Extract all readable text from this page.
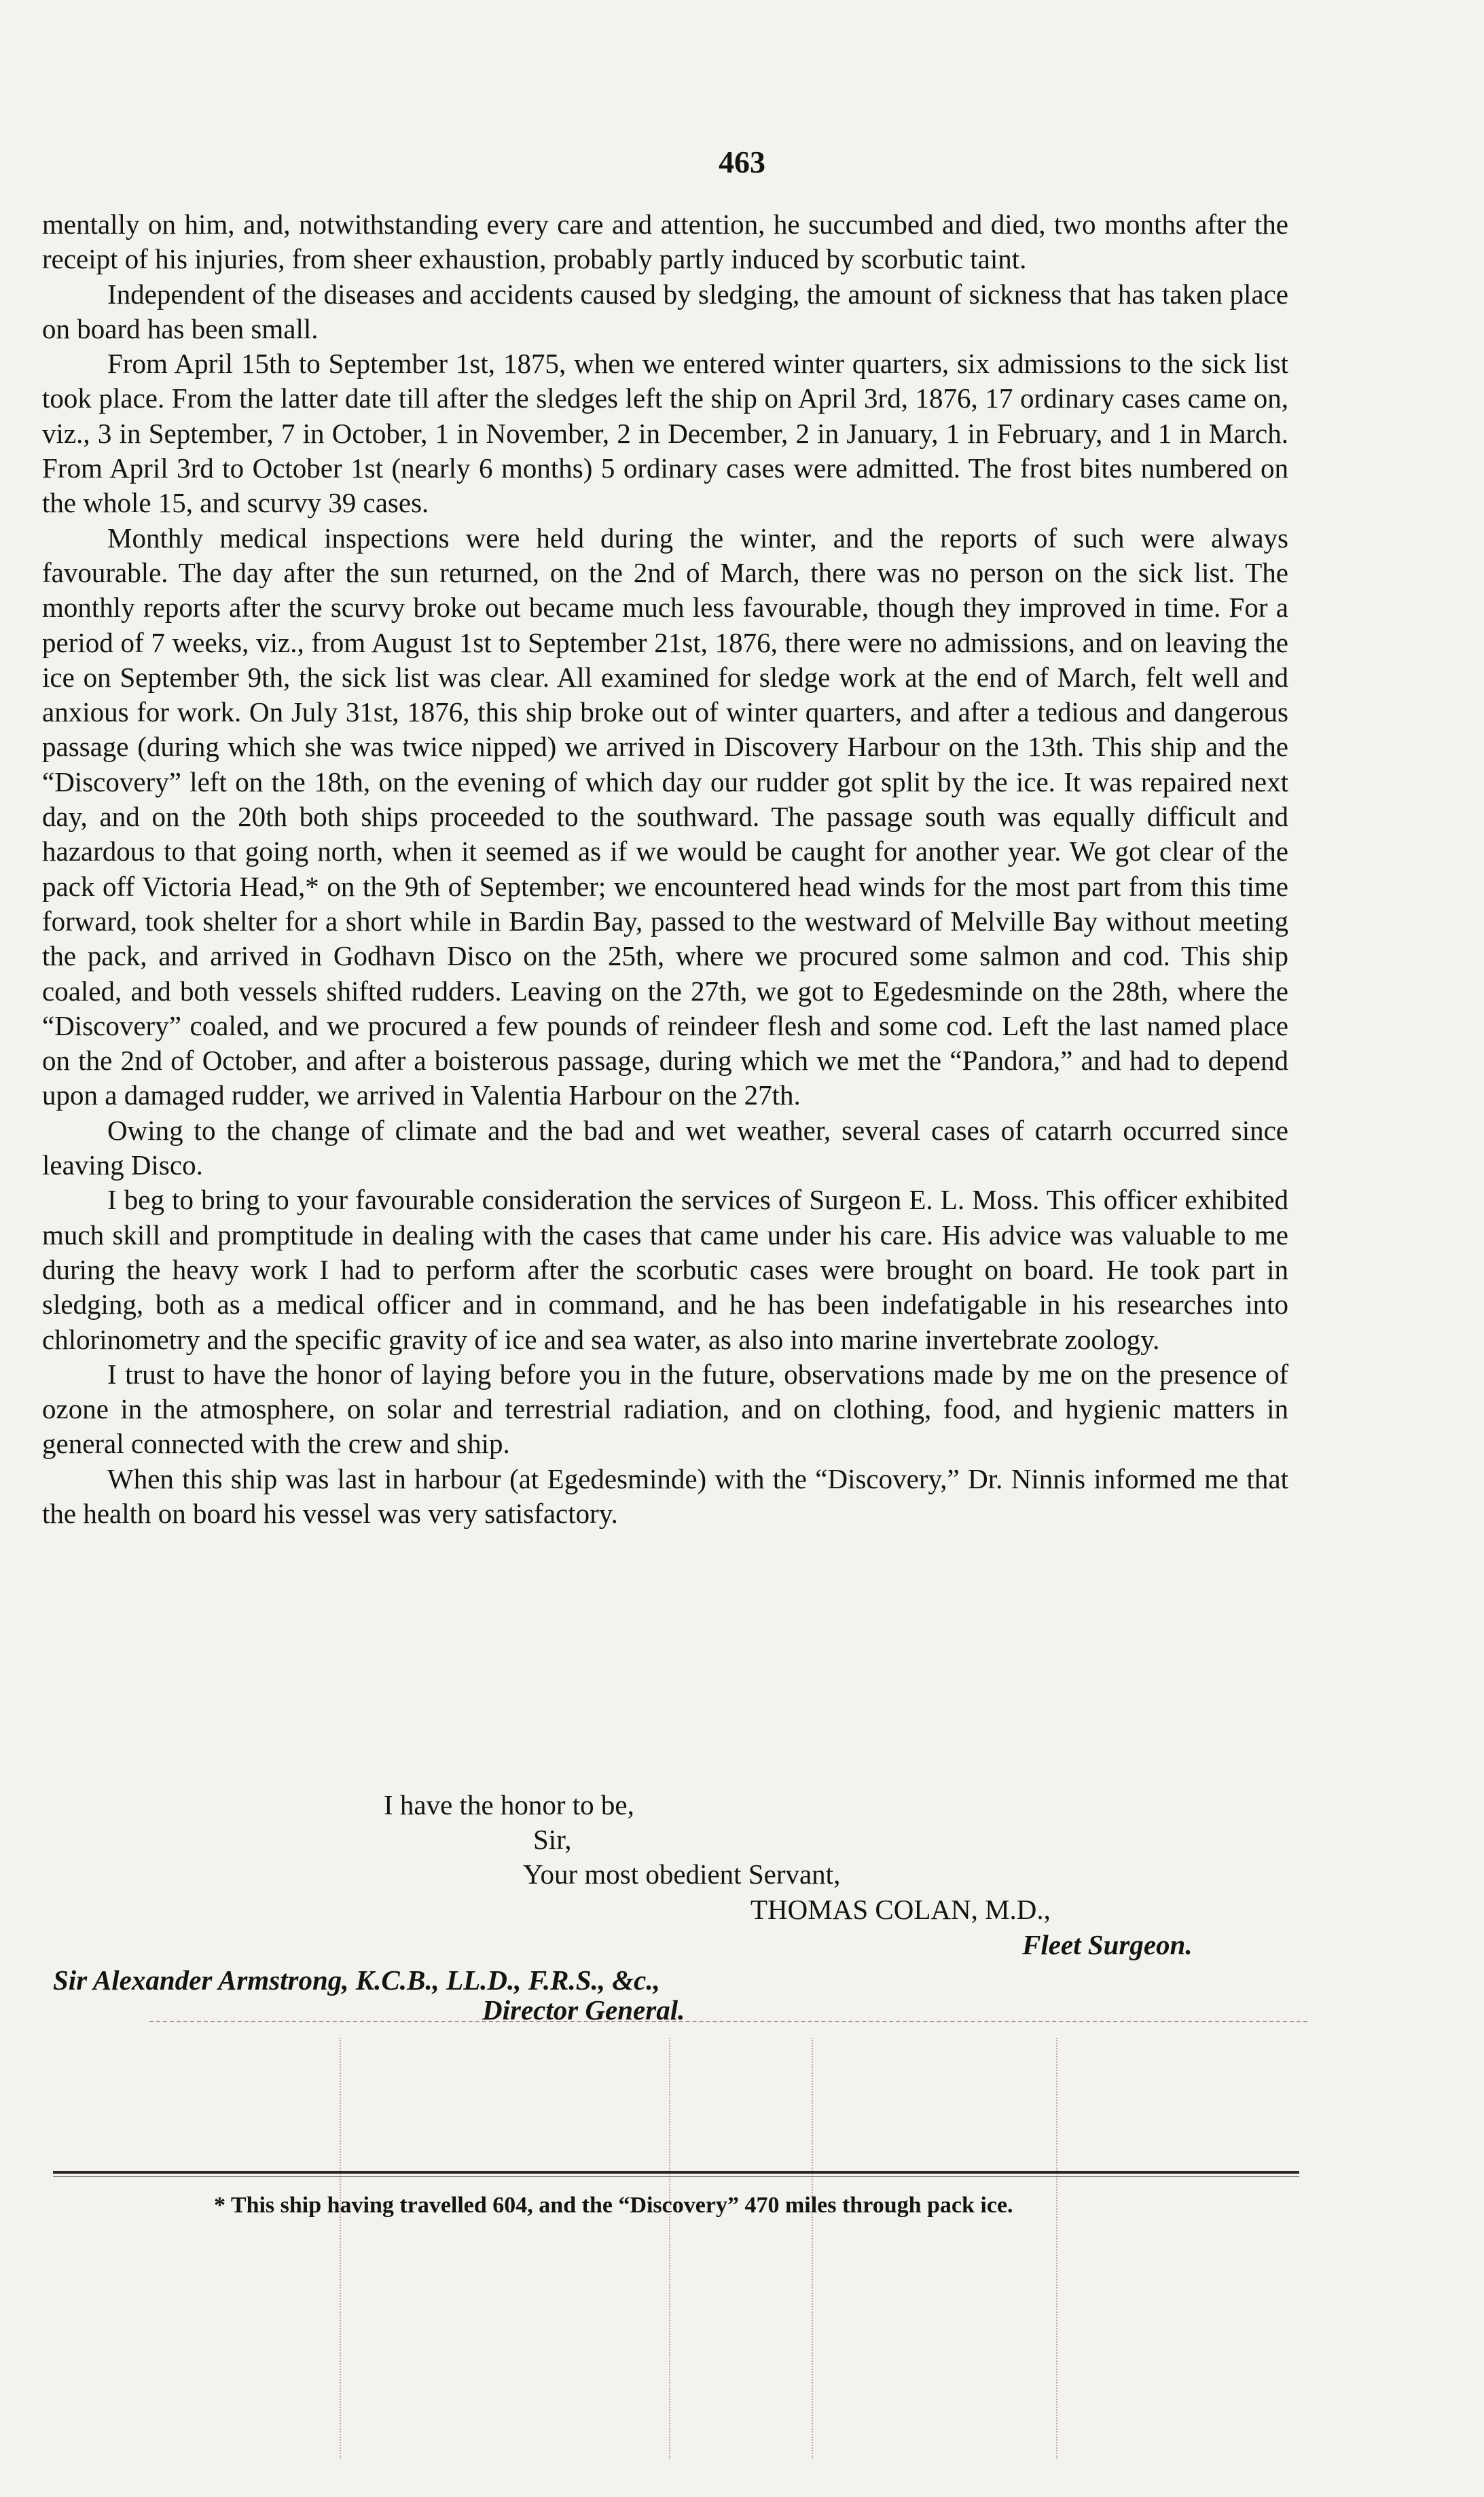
463

mentally on him, and, notwithstanding every care and attention, he succumbed and died, two months after the receipt of his injuries, from sheer exhaustion, probably partly induced by scorbutic taint.

Independent of the diseases and accidents caused by sledging, the amount of sickness that has taken place on board has been small.

From April 15th to September 1st, 1875, when we entered winter quarters, six admissions to the sick list took place. From the latter date till after the sledges left the ship on April 3rd, 1876, 17 ordinary cases came on, viz., 3 in September, 7 in October, 1 in November, 2 in December, 2 in January, 1 in February, and 1 in March. From April 3rd to October 1st (nearly 6 months) 5 ordinary cases were admitted. The frost bites numbered on the whole 15, and scurvy 39 cases.

Monthly medical inspections were held during the winter, and the reports of such were always favourable. The day after the sun returned, on the 2nd of March, there was no person on the sick list. The monthly reports after the scurvy broke out became much less favourable, though they improved in time. For a period of 7 weeks, viz., from August 1st to September 21st, 1876, there were no admissions, and on leaving the ice on September 9th, the sick list was clear. All examined for sledge work at the end of March, felt well and anxious for work. On July 31st, 1876, this ship broke out of winter quarters, and after a tedious and dangerous passage (during which she was twice nipped) we arrived in Discovery Harbour on the 13th. This ship and the “Discovery” left on the 18th, on the evening of which day our rudder got split by the ice. It was repaired next day, and on the 20th both ships proceeded to the southward. The passage south was equally difficult and hazardous to that going north, when it seemed as if we would be caught for another year. We got clear of the pack off Victoria Head,* on the 9th of September; we encountered head winds for the most part from this time forward, took shelter for a short while in Bardin Bay, passed to the westward of Melville Bay without meeting the pack, and arrived in Godhavn Disco on the 25th, where we procured some salmon and cod. This ship coaled, and both vessels shifted rudders. Leaving on the 27th, we got to Egedesminde on the 28th, where the “Discovery” coaled, and we procured a few pounds of reindeer flesh and some cod. Left the last named place on the 2nd of October, and after a boisterous passage, during which we met the “Pandora,” and had to depend upon a damaged rudder, we arrived in Valentia Harbour on the 27th.

Owing to the change of climate and the bad and wet weather, several cases of catarrh occurred since leaving Disco.

I beg to bring to your favourable consideration the services of Surgeon E. L. Moss. This officer exhibited much skill and promptitude in dealing with the cases that came under his care. His advice was valuable to me during the heavy work I had to perform after the scorbutic cases were brought on board. He took part in sledging, both as a medical officer and in command, and he has been indefatigable in his researches into chlorinometry and the specific gravity of ice and sea water, as also into marine invertebrate zoology.

I trust to have the honor of laying before you in the future, observations made by me on the presence of ozone in the atmosphere, on solar and terrestrial radiation, and on clothing, food, and hygienic matters in general connected with the crew and ship.

When this ship was last in harbour (at Egedesminde) with the “Discovery,” Dr. Ninnis informed me that the health on board his vessel was very satisfactory.

I have the honor to be,
Sir,
Your most obedient Servant,
THOMAS COLAN, M.D.,
Fleet Surgeon.
Sir Alexander Armstrong, K.C.B., LL.D., F.R.S., &c.,
Director General.
* This ship having travelled 604, and the “Discovery” 470 miles through pack ice.
